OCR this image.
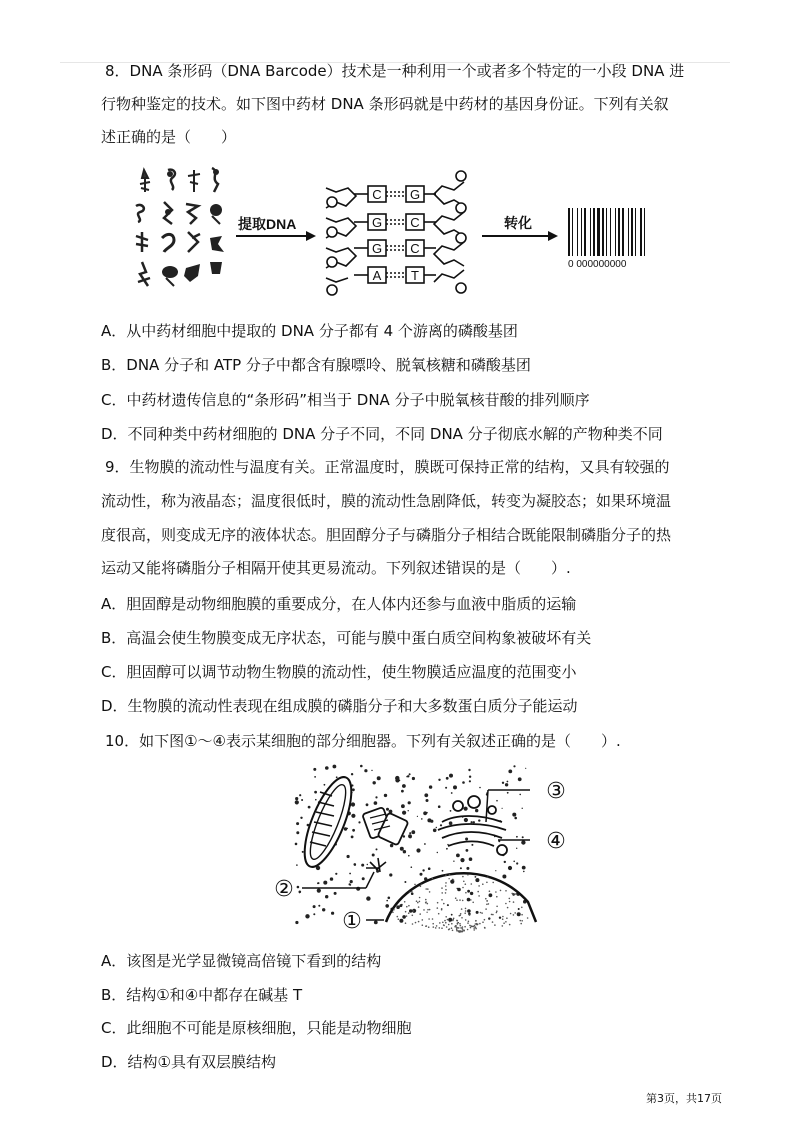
8．DNA 条形码（DNA Barcode）技术是一种利用一个或者多个特定的一小段 DNA 进
行物种鉴定的技术。如下图中药材 DNA 条形码就是中药材的基因身份证。下列有关叙
述正确的是（　　）
提取DNA
C
G
G
A
G
C
C
T
转化
0 000000000
A．从中药材细胞中提取的 DNA 分子都有 4 个游离的磷酸基团
B．DNA 分子和 ATP 分子中都含有腺嘌呤、脱氧核糖和磷酸基团
C．中药材遗传信息的“条形码”相当于 DNA 分子中脱氧核苷酸的排列顺序
D．不同种类中药材细胞的 DNA 分子不同，不同 DNA 分子彻底水解的产物种类不同
9．生物膜的流动性与温度有关。正常温度时，膜既可保持正常的结构，又具有较强的
流动性，称为液晶态；温度很低时，膜的流动性急剧降低，转变为凝胶态；如果环境温
度很高，则变成无序的液体状态。胆固醇分子与磷脂分子相结合既能限制磷脂分子的热
运动又能将磷脂分子相隔开使其更易流动。下列叙述错误的是（　　）.
A．胆固醇是动物细胞膜的重要成分，在人体内还参与血液中脂质的运输
B．高温会使生物膜变成无序状态，可能与膜中蛋白质空间构象被破坏有关
C．胆固醇可以调节动物生物膜的流动性，使生物膜适应温度的范围变小
D．生物膜的流动性表现在组成膜的磷脂分子和大多数蛋白质分子能运动
10．如下图①～④表示某细胞的部分细胞器。下列有关叙述正确的是（　　）.
③
④
②
①
A．该图是光学显微镜高倍镜下看到的结构
B．结构①和④中都存在碱基 T
C．此细胞不可能是原核细胞，只能是动物细胞
D．结构①具有双层膜结构
第3页，共17页
